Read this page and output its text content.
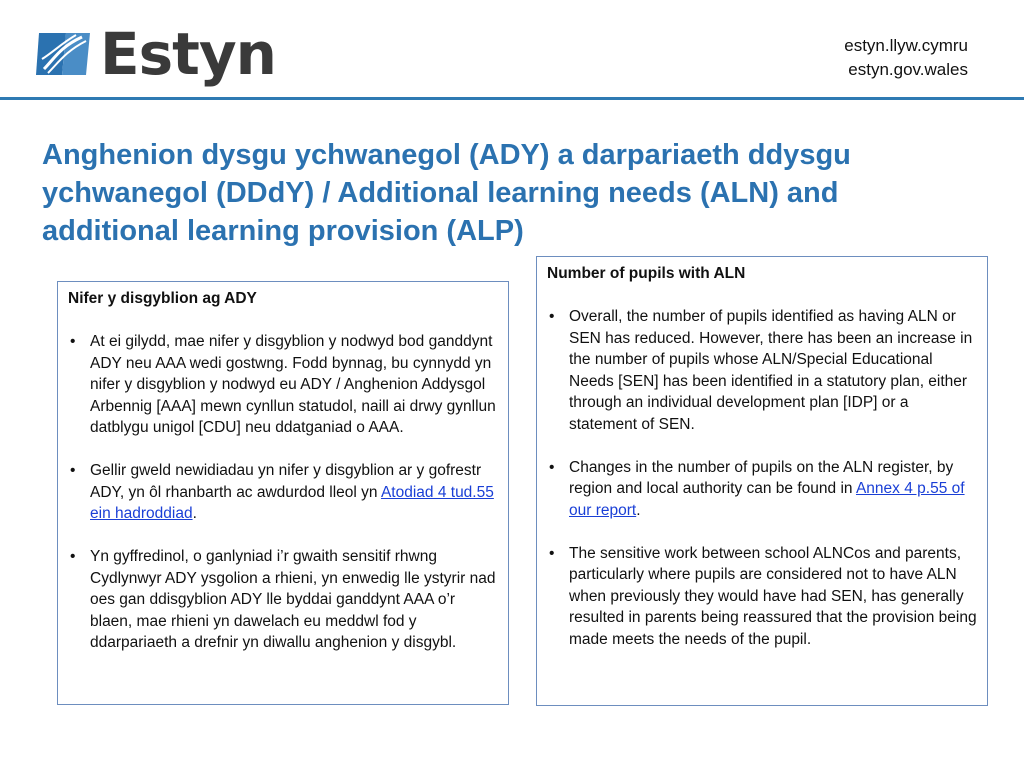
Estyn	estyn.llyw.cymru
estyn.gov.wales
Anghenion dysgu ychwanegol (ADY) a darpariaeth ddysgu ychwanegol (DDdY) / Additional learning needs (ALN) and additional learning provision (ALP)
Nifer y disgyblion ag ADY
• At ei gilydd, mae nifer y disgyblion y nodwyd bod ganddynt ADY neu AAA wedi gostwng. Fodd bynnag, bu cynnydd yn nifer y disgyblion y nodwyd eu ADY / Anghenion Addysgol Arbennig [AAA] mewn cynllun statudol, naill ai drwy gynllun datblygu unigol [CDU] neu ddatganiad o AAA.
• Gellir gweld newidiadau yn nifer y disgyblion ar y gofrestr ADY, yn ôl rhanbarth ac awdurdod lleol yn Atodiad 4 tud.55 ein hadroddiad.
• Yn gyffredinol, o ganlyniad i’r gwaith sensitif rhwng Cydlynwyr ADY ysgolion a rhieni, yn enwedig lle ystyrir nad oes gan ddisgyblion ADY lle byddai ganddynt AAA o’r blaen, mae rhieni yn dawelach eu meddwl fod y ddarpariaeth a drefnir yn diwallu anghenion y disgybl.
Number of pupils with ALN
• Overall, the number of pupils identified as having ALN or SEN has reduced. However, there has been an increase in the number of pupils whose ALN/Special Educational Needs [SEN] has been identified in a statutory plan, either through an individual development plan [IDP] or a statement of SEN.
• Changes in the number of pupils on the ALN register, by region and local authority can be found in Annex 4 p.55 of our report.
• The sensitive work between school ALNCos and parents, particularly where pupils are considered not to have ALN when previously they would have had SEN, has generally resulted in parents being reassured that the provision being made meets the needs of the pupil.
